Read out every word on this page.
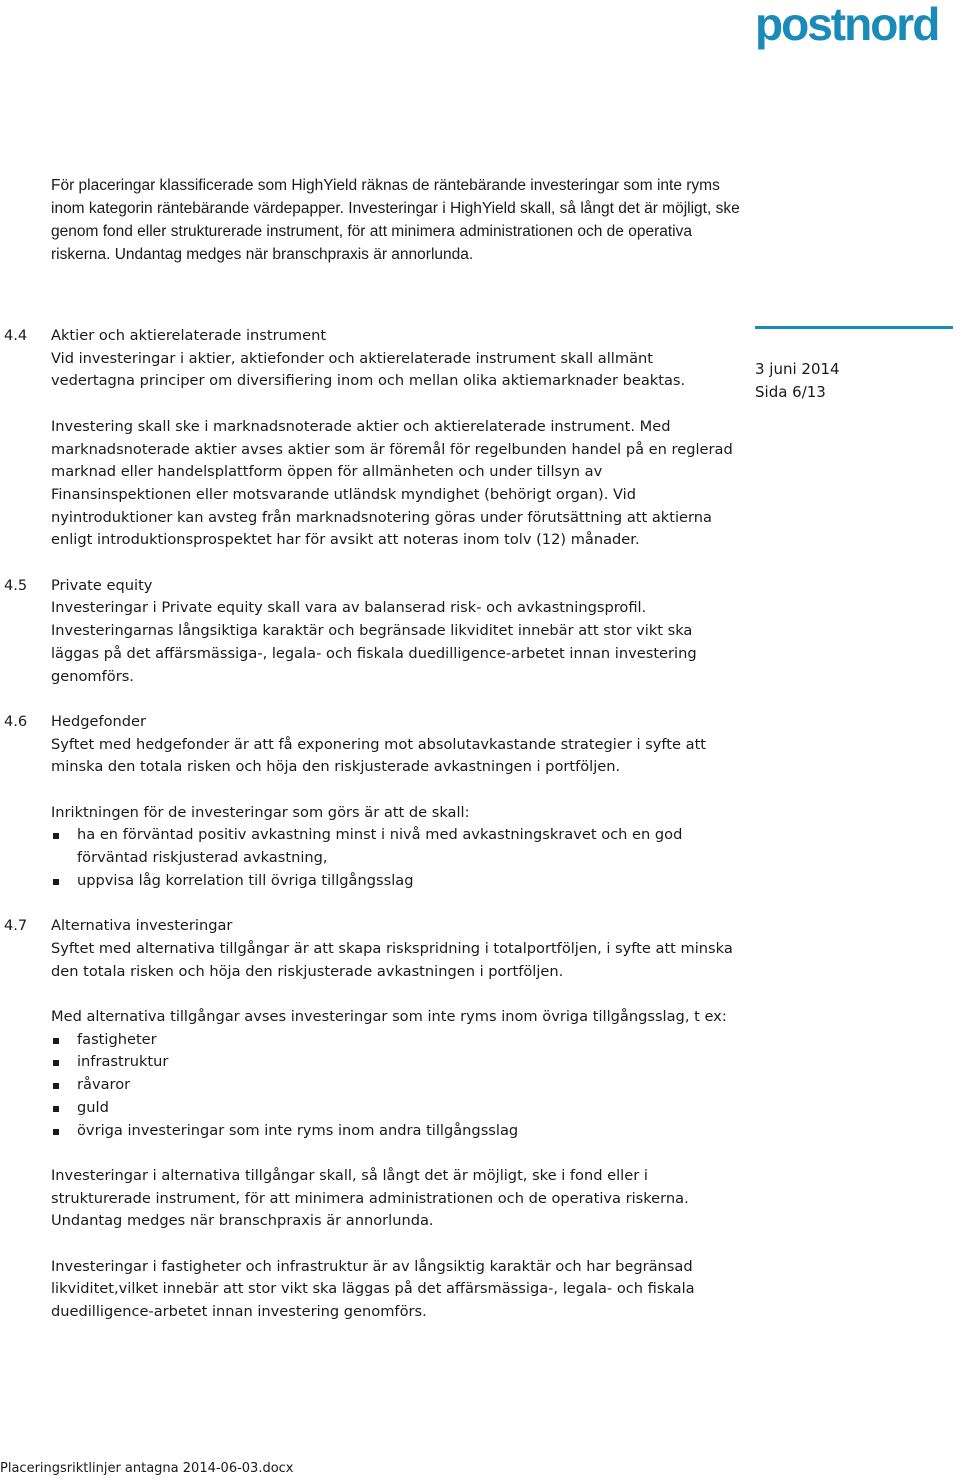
postnord
För placeringar klassificerade som HighYield räknas de räntebärande investeringar som inte ryms inom kategorin räntebärande värdepapper. Investeringar i HighYield skall, så långt det är möjligt, ske genom fond eller strukturerade instrument, för att minimera administrationen och de operativa riskerna. Undantag medges när branschpraxis är annorlunda.
3 juni 2014
Sida 6/13
4.4 Aktier och aktierelaterade instrument

Vid investeringar i aktier, aktiefonder och aktierelaterade instrument skall allmänt vedertagna principer om diversifiering inom och mellan olika aktiemarknader beaktas.

Investering skall ske i marknadsnoterade aktier och aktierelaterade instrument. Med marknadsnoterade aktier avses aktier som är föremål för regelbunden handel på en reglerad marknad eller handelsplattform öppen för allmänheten och under tillsyn av Finansinspektionen eller motsvarande utländsk myndighet (behörigt organ). Vid nyintroduktioner kan avsteg från marknadsnotering göras under förutsättning att aktierna enligt introduktionsprospektet har för avsikt att noteras inom tolv (12) månader.

4.5 Private equity

Investeringar i Private equity skall vara av balanserad risk- och avkastningsprofil. Investeringarnas långsiktiga karaktär och begränsade likviditet innebär att stor vikt ska läggas på det affärsmässiga-, legala- och fiskala duedilligence-arbetet innan investering genomförs.

4.6 Hedgefonder

Syftet med hedgefonder är att få exponering mot absolutavkastande strategier i syfte att minska den totala risken och höja den riskjusterade avkastningen i portföljen.

Inriktningen för de investeringar som görs är att de skall:

ha en förväntad positiv avkastning minst i nivå med avkastningskravet och en god förväntad riskjusterad avkastning,
uppvisa låg korrelation till övriga tillgångsslag
4.7 Alternativa investeringar

Syftet med alternativa tillgångar är att skapa riskspridning i totalportföljen, i syfte att minska den totala risken och höja den riskjusterade avkastningen i portföljen.

Med alternativa tillgångar avses investeringar som inte ryms inom övriga tillgångsslag, t ex:

fastigheter
infrastruktur
råvaror
guld
övriga investeringar som inte ryms inom andra tillgångsslag

Investeringar i alternativa tillgångar skall, så långt det är möjligt, ske i fond eller i strukturerade instrument, för att minimera administrationen och de operativa riskerna. Undantag medges när branschpraxis är annorlunda.

Investeringar i fastigheter och infrastruktur är av långsiktig karaktär och har begränsad likviditet,vilket innebär att stor vikt ska läggas på det affärsmässiga-, legala- och fiskala duedilligence-arbetet innan investering genomförs.

Placeringsriktlinjer antagna 2014-06-03.docx
